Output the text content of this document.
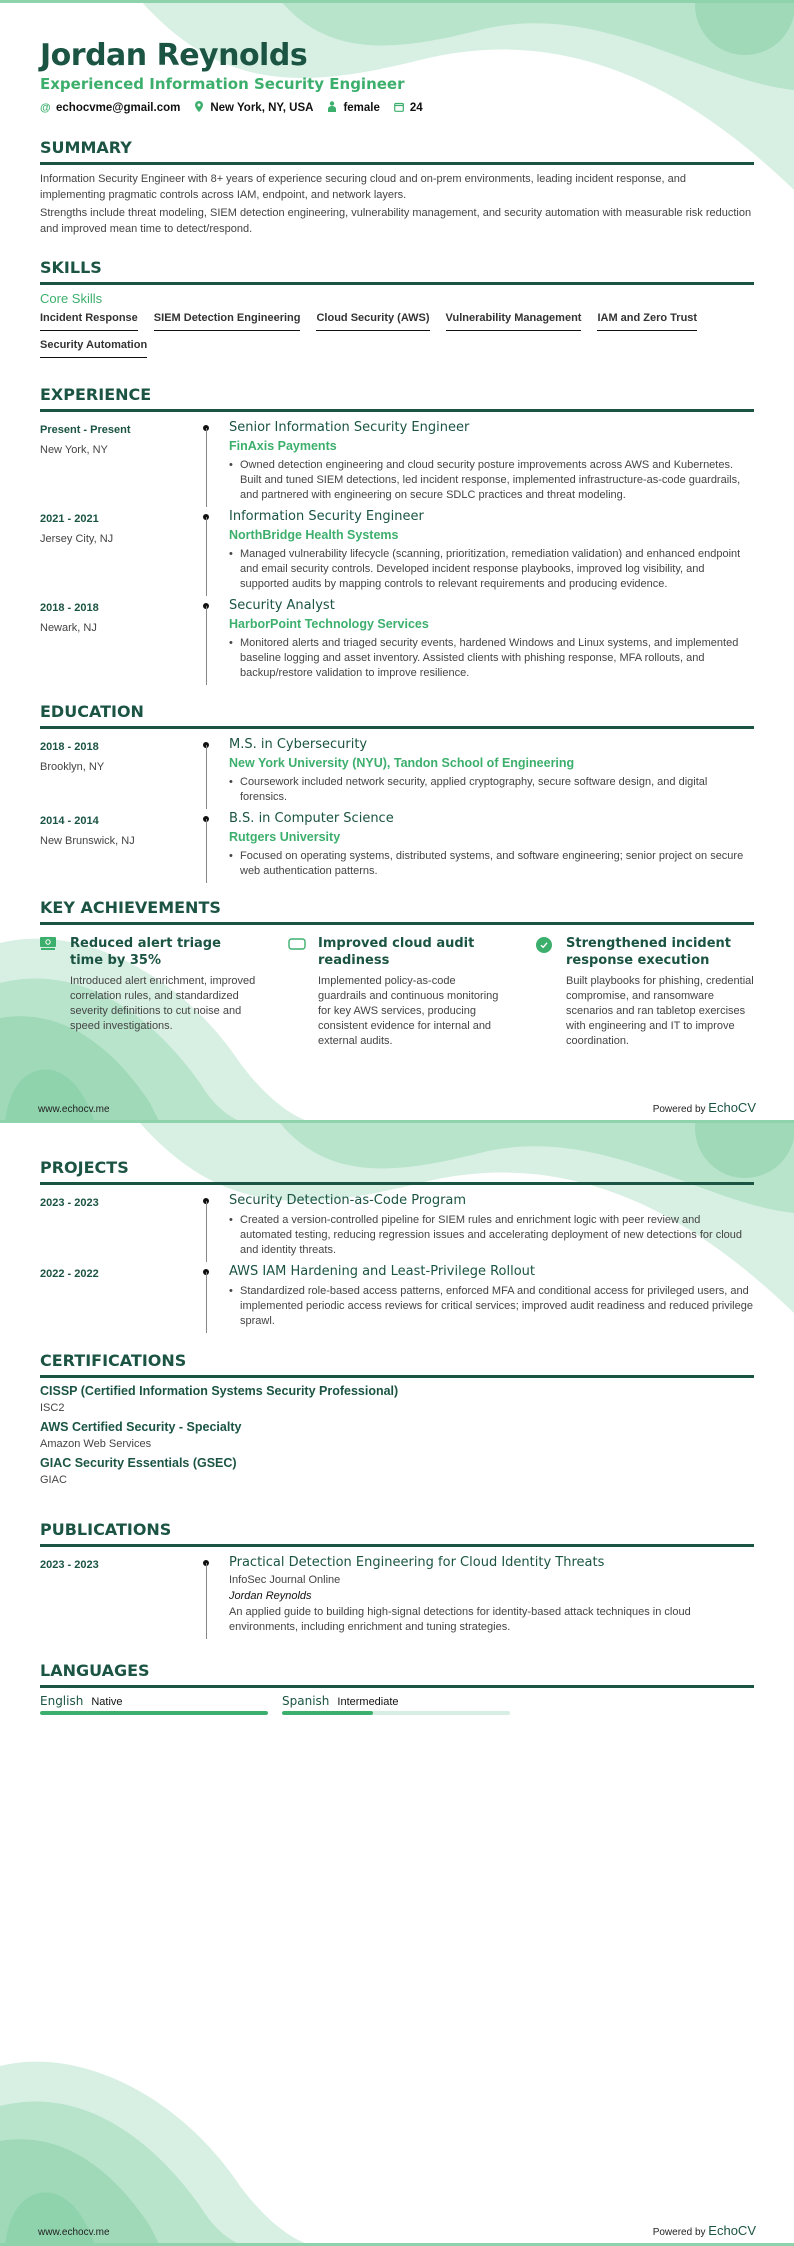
Jordan Reynolds
Experienced Information Security Engineer
@ echocvme@gmail.com	New York, NY, USA	female	24
SUMMARY
Information Security Engineer with 8+ years of experience securing cloud and on-prem environments, leading incident response, and implementing pragmatic controls across IAM, endpoint, and network layers.
Strengths include threat modeling, SIEM detection engineering, vulnerability management, and security automation with measurable risk reduction and improved mean time to detect/respond.
SKILLS
Core Skills
Incident Response SIEM Detection Engineering Cloud Security (AWS) Vulnerability Management IAM and Zero Trust
Security Automation
EXPERIENCE
Present - Present
New York, NY
Senior Information Security Engineer
FinAxis Payments
• Owned detection engineering and cloud security posture improvements across AWS and Kubernetes. Built and tuned SIEM detections, led incident response, implemented infrastructure-as-code guardrails, and partnered with engineering on secure SDLC practices and threat modeling.
2021 - 2021
Jersey City, NJ
Information Security Engineer
NorthBridge Health Systems
• Managed vulnerability lifecycle (scanning, prioritization, remediation validation) and enhanced endpoint and email security controls. Developed incident response playbooks, improved log visibility, and supported audits by mapping controls to relevant requirements and producing evidence.
2018 - 2018
Newark, NJ
Security Analyst
HarborPoint Technology Services
• Monitored alerts and triaged security events, hardened Windows and Linux systems, and implemented baseline logging and asset inventory. Assisted clients with phishing response, MFA rollouts, and backup/restore validation to improve resilience.
EDUCATION
2018 - 2018
Brooklyn, NY
M.S. in Cybersecurity
New York University (NYU), Tandon School of Engineering
• Coursework included network security, applied cryptography, secure software design, and digital forensics.
2014 - 2014
New Brunswick, NJ
B.S. in Computer Science
Rutgers University
• Focused on operating systems, distributed systems, and software engineering; senior project on secure web authentication patterns.
KEY ACHIEVEMENTS
Reduced alert triage time by 35%
Introduced alert enrichment, improved correlation rules, and standardized severity definitions to cut noise and speed investigations.
Improved cloud audit readiness
Implemented policy-as-code guardrails and continuous monitoring for key AWS services, producing consistent evidence for internal and external audits.
Strengthened incident response execution
Built playbooks for phishing, credential compromise, and ransomware scenarios and ran tabletop exercises with engineering and IT to improve coordination.
www.echocv.me	Powered by EchoCV
PROJECTS
2023 - 2023	Security Detection-as-Code Program
• Created a version-controlled pipeline for SIEM rules and enrichment logic with peer review and automated testing, reducing regression issues and accelerating deployment of new detections for cloud and identity threats.
2022 - 2022	AWS IAM Hardening and Least-Privilege Rollout
• Standardized role-based access patterns, enforced MFA and conditional access for privileged users, and implemented periodic access reviews for critical services; improved audit readiness and reduced privilege sprawl.
CERTIFICATIONS
CISSP (Certified Information Systems Security Professional)
ISC2
AWS Certified Security - Specialty
Amazon Web Services
GIAC Security Essentials (GSEC)
GIAC
PUBLICATIONS
2023 - 2023	Practical Detection Engineering for Cloud Identity Threats
InfoSec Journal Online
Jordan Reynolds
An applied guide to building high-signal detections for identity-based attack techniques in cloud environments, including enrichment and tuning strategies.
LANGUAGES
English Native	Spanish Intermediate
www.echocv.me	Powered by EchoCV
